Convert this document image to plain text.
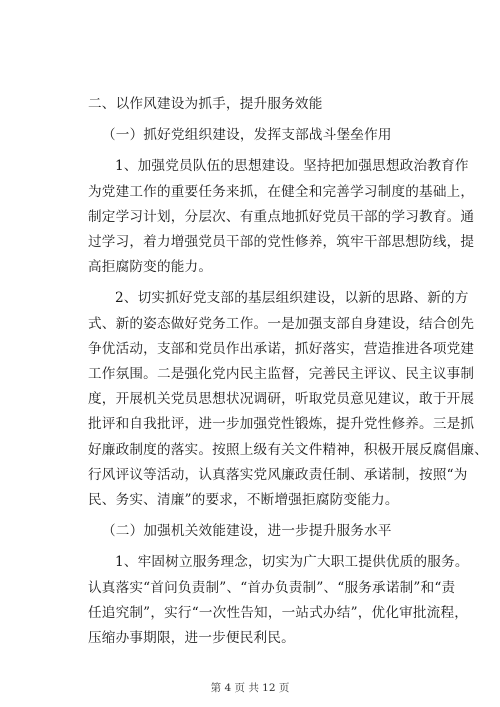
二、以作风建设为抓手，提升服务效能
（一）抓好党组织建设，发挥支部战斗堡垒作用
1、加强党员队伍的思想建设。坚持把加强思想政治教育作
为党建工作的重要任务来抓，在健全和完善学习制度的基础上，
制定学习计划，分层次、有重点地抓好党员干部的学习教育。通
过学习，着力增强党员干部的党性修养，筑牢干部思想防线，提
高拒腐防变的能力。
2、切实抓好党支部的基层组织建设，以新的思路、新的方
式、新的姿态做好党务工作。一是加强支部自身建设，结合创先
争优活动，支部和党员作出承诺，抓好落实，营造推进各项党建
工作氛围。二是强化党内民主监督，完善民主评议、民主议事制
度，开展机关党员思想状况调研，听取党员意见建议，敢于开展
批评和自我批评，进一步加强党性锻炼，提升党性修养。三是抓
好廉政制度的落实。按照上级有关文件精神，积极开展反腐倡廉、
行风评议等活动，认真落实党风廉政责任制、承诺制，按照“为
民、务实、清廉”的要求，不断增强拒腐防变能力。
（二）加强机关效能建设，进一步提升服务水平
1、牢固树立服务理念，切实为广大职工提供优质的服务。
认真落实“首问负责制”、“首办负责制”、“服务承诺制”和“责
任追究制”，实行“一次性告知，一站式办结”，优化审批流程，
压缩办事期限，进一步便民利民。
第 4 页 共 12 页
